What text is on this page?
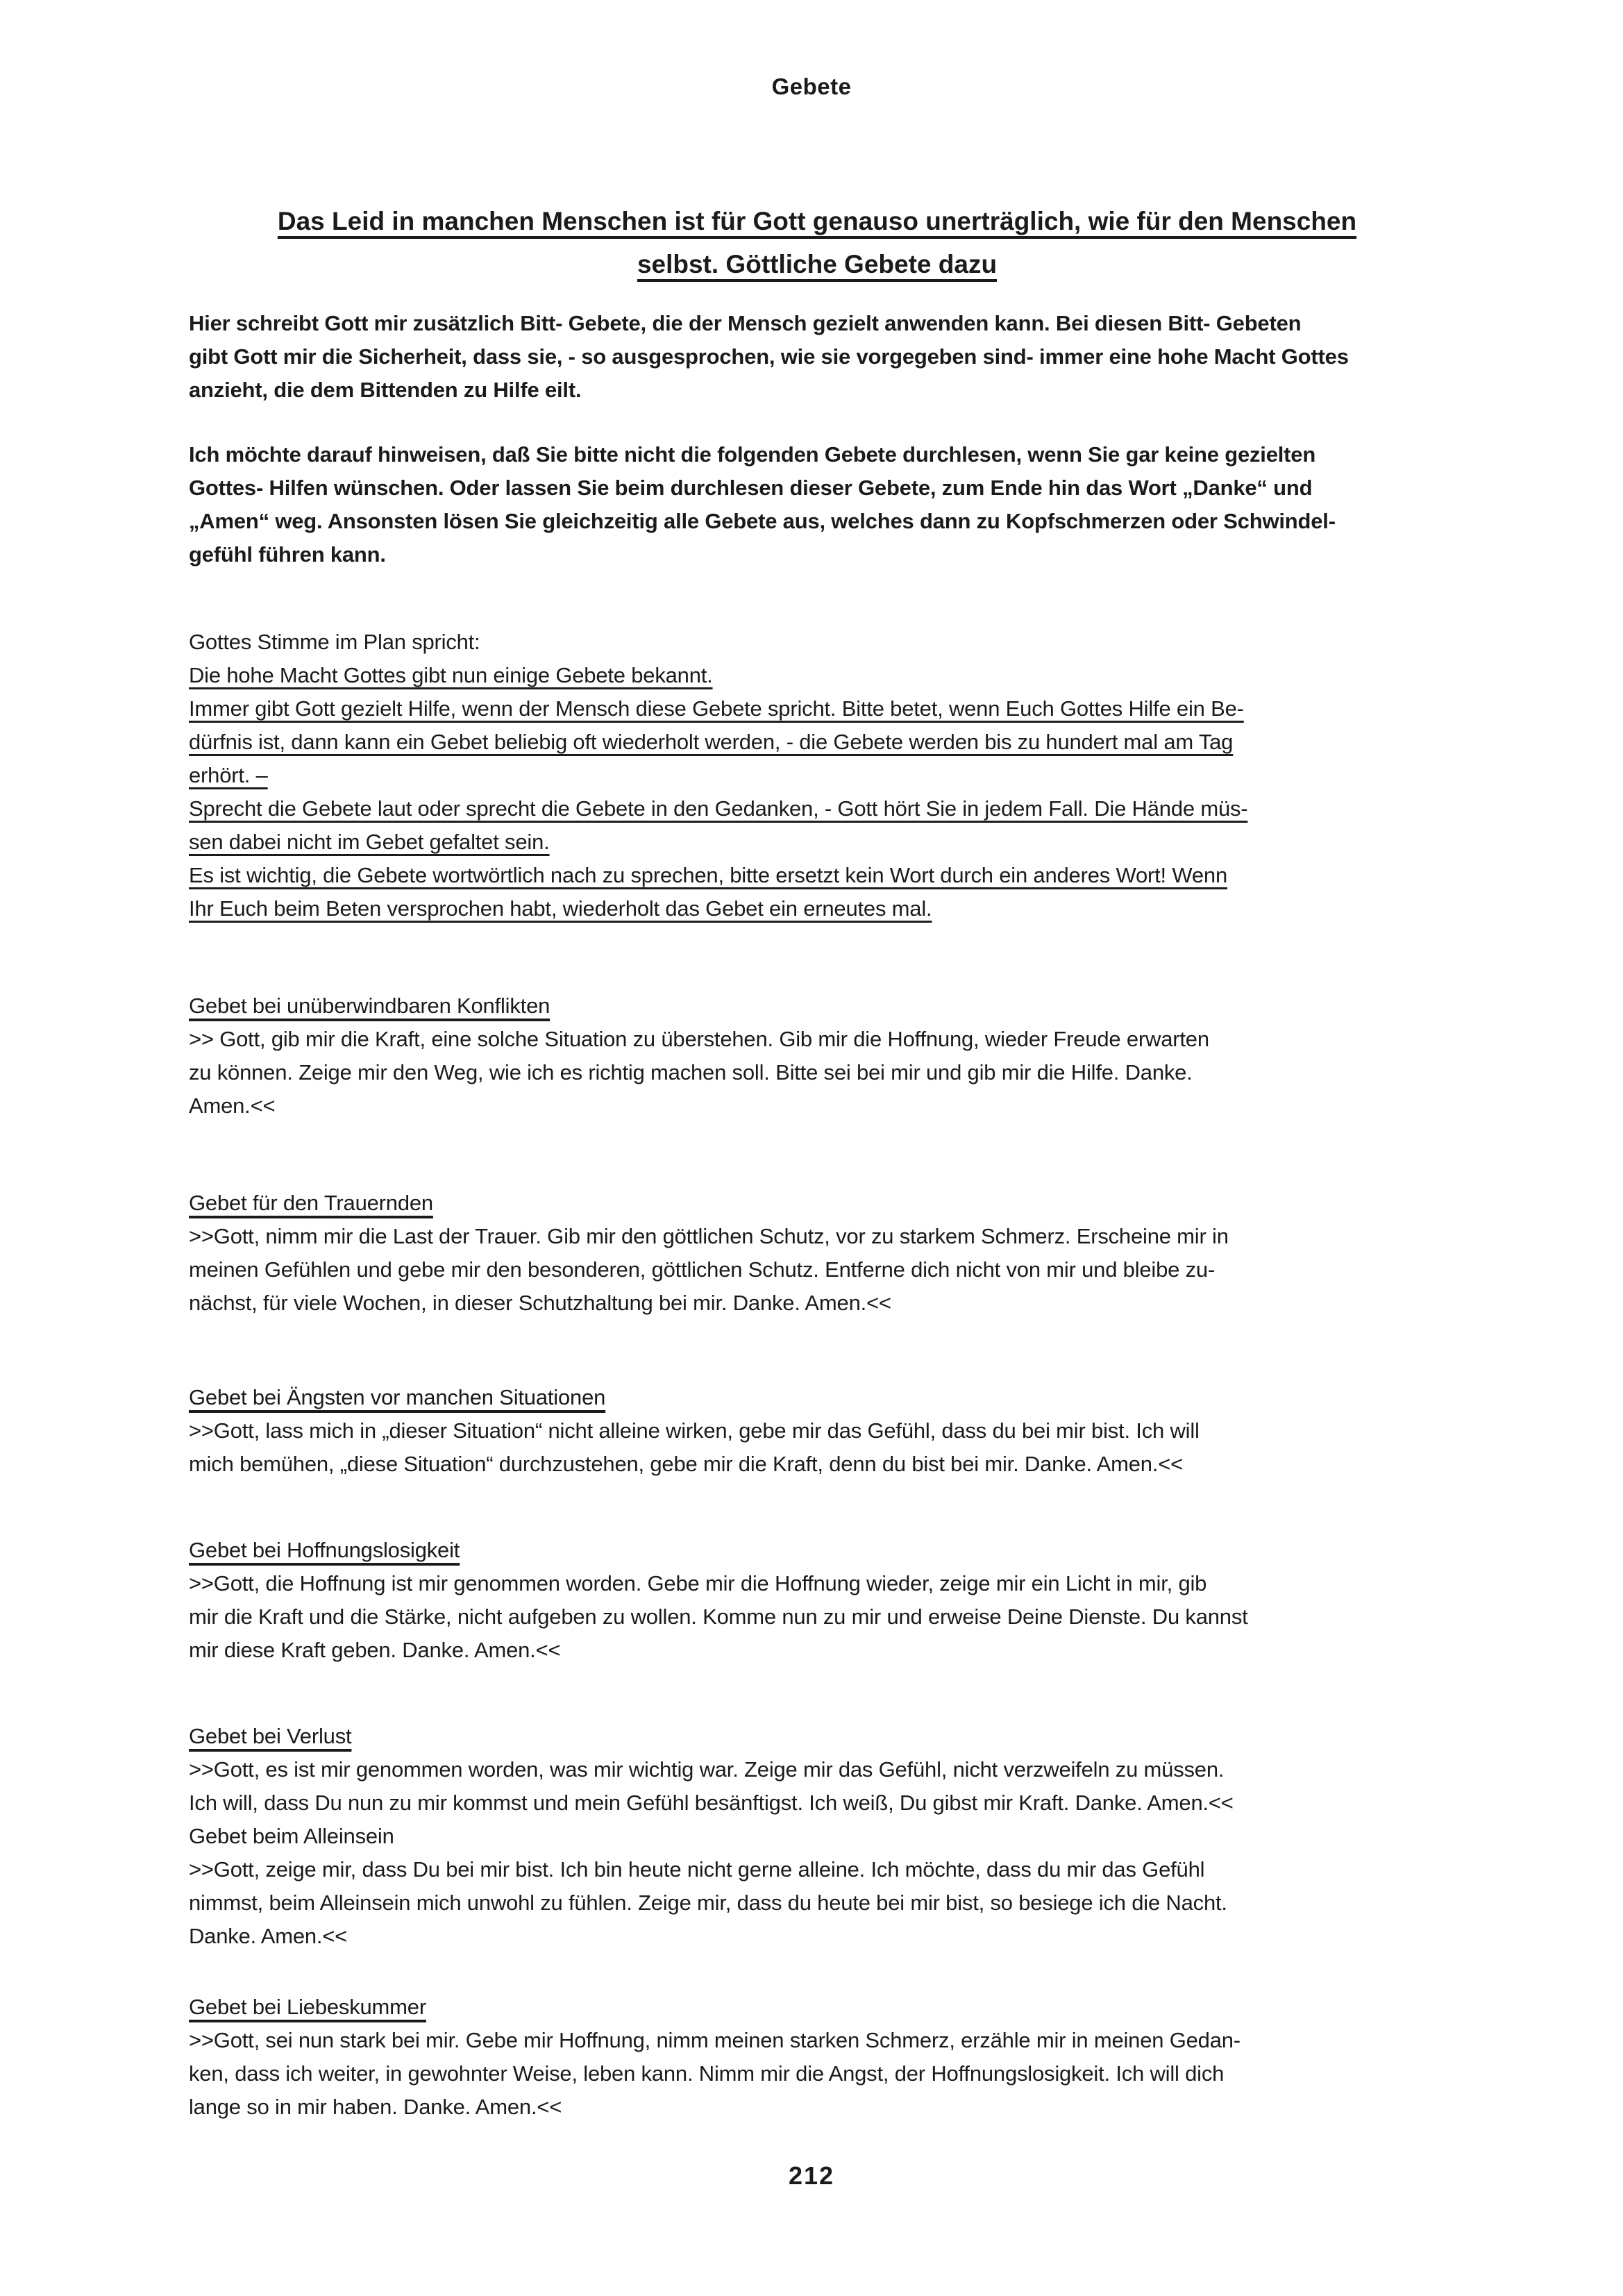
Gebete
Das Leid in manchen Menschen ist für Gott genauso unerträglich, wie für den Menschen
selbst. Göttliche Gebete dazu
Hier schreibt Gott mir zusätzlich Bitt- Gebete, die der Mensch gezielt anwenden kann. Bei diesen Bitt- Gebeten
gibt Gott mir die Sicherheit, dass sie, - so ausgesprochen, wie sie vorgegeben sind- immer eine hohe Macht Gottes
anzieht, die dem Bittenden zu Hilfe eilt.
Ich möchte darauf hinweisen, daß Sie bitte nicht die folgenden Gebete durchlesen, wenn Sie gar keine gezielten
Gottes- Hilfen wünschen. Oder lassen Sie beim durchlesen dieser Gebete, zum Ende hin das Wort „Danke“ und
„Amen“ weg. Ansonsten lösen Sie gleichzeitig alle Gebete aus, welches dann zu Kopfschmerzen oder Schwindel-
gefühl führen kann.
Gottes Stimme im Plan spricht:
Die hohe Macht Gottes gibt nun einige Gebete bekannt.
Immer gibt Gott gezielt Hilfe, wenn der Mensch diese Gebete spricht. Bitte betet, wenn Euch Gottes Hilfe ein Be-
dürfnis ist, dann kann ein Gebet beliebig oft wiederholt werden, - die Gebete werden bis zu hundert mal am Tag
erhört. –
Sprecht die Gebete laut oder sprecht die Gebete in den Gedanken, - Gott hört Sie in jedem Fall. Die Hände müs-
sen dabei nicht im Gebet gefaltet sein.
Es ist wichtig, die Gebete wortwörtlich nach zu sprechen, bitte ersetzt kein Wort durch ein anderes Wort! Wenn
Ihr Euch beim Beten versprochen habt, wiederholt das Gebet ein erneutes mal.
Gebet bei unüberwindbaren Konflikten
>> Gott, gib mir die Kraft, eine solche Situation zu überstehen. Gib mir die Hoffnung, wieder Freude erwarten
zu können. Zeige mir den Weg, wie ich es richtig machen soll. Bitte sei bei mir und gib mir die Hilfe. Danke.
Amen.<<
Gebet für den Trauernden
>>Gott, nimm mir die Last der Trauer. Gib mir den göttlichen Schutz, vor zu starkem Schmerz. Erscheine mir in
meinen Gefühlen und gebe mir den besonderen, göttlichen Schutz. Entferne dich nicht von mir und bleibe zu-
nächst, für viele Wochen, in dieser Schutzhaltung bei mir. Danke. Amen.<<
Gebet bei Ängsten vor manchen Situationen
>>Gott, lass mich in „dieser Situation“ nicht alleine wirken, gebe mir das Gefühl, dass du bei mir bist. Ich will
mich bemühen, „diese Situation“ durchzustehen, gebe mir die Kraft, denn du bist bei mir. Danke. Amen.<<
Gebet bei Hoffnungslosigkeit
>>Gott, die Hoffnung ist mir genommen worden. Gebe mir die Hoffnung wieder, zeige mir ein Licht in mir, gib
mir die Kraft und die Stärke, nicht aufgeben zu wollen. Komme nun zu mir und erweise Deine Dienste. Du kannst
mir diese Kraft geben. Danke. Amen.<<
Gebet bei Verlust
>>Gott, es ist mir genommen worden, was mir wichtig war. Zeige mir das Gefühl, nicht verzweifeln zu müssen.
Ich will, dass Du nun zu mir kommst und mein Gefühl besänftigst. Ich weiß, Du gibst mir Kraft. Danke. Amen.<<
Gebet beim Alleinsein
>>Gott, zeige mir, dass Du bei mir bist. Ich bin heute nicht gerne alleine. Ich möchte, dass du mir das Gefühl
nimmst, beim Alleinsein mich unwohl zu fühlen. Zeige mir, dass du heute bei mir bist, so besiege ich die Nacht.
Danke. Amen.<<
Gebet bei Liebeskummer
>>Gott, sei nun stark bei mir. Gebe mir Hoffnung, nimm meinen starken Schmerz, erzähle mir in meinen Gedan-
ken, dass ich weiter, in gewohnter Weise, leben kann. Nimm mir die Angst, der Hoffnungslosigkeit. Ich will dich
lange so in mir haben. Danke. Amen.<<
212
